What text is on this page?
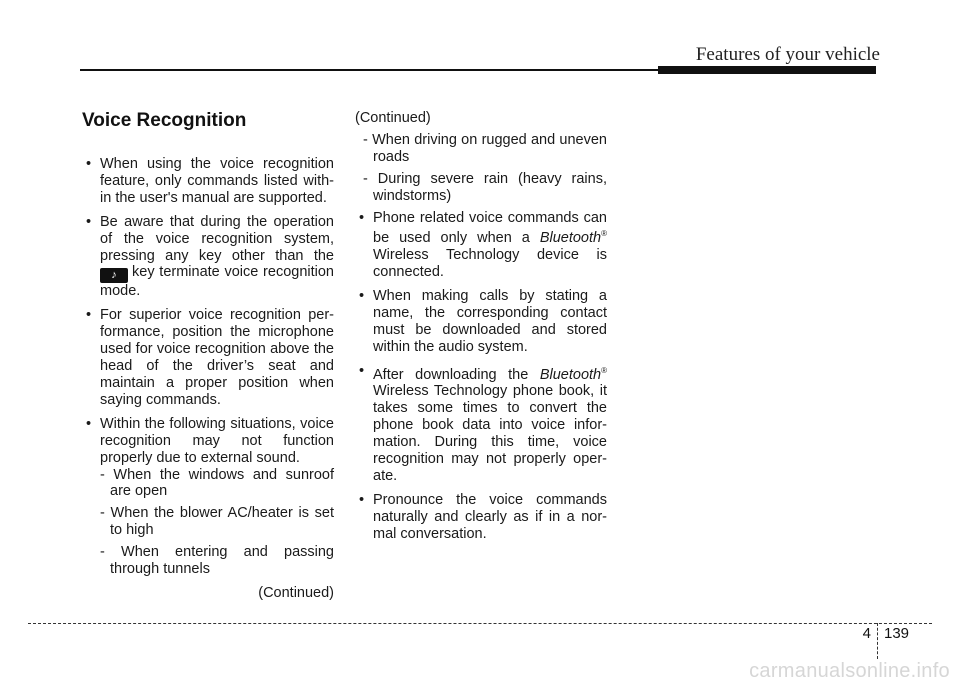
Features of your vehicle
Voice Recognition
• When using the voice recognition feature, only commands listed with-in the user's manual are supported.
• Be aware that during the operation of the voice recognition system, pressing any key other than the ♪ key terminate voice recognition mode.
• For superior voice recognition per-formance, position the microphone used for voice recognition above the head of the driver’s seat and maintain a proper position when saying commands.
• Within the following situations, voice recognition may not function properly due to external sound.
- When the windows and sunroof are open
- When the blower AC/heater is set to high
- When entering and passing through tunnels
(Continued)
(Continued)
- When driving on rugged and uneven roads
- During severe rain (heavy rains, windstorms)
• Phone related voice commands can be used only when a Bluetooth® Wireless Technology device is connected.
• When making calls by stating a name, the corresponding contact must be downloaded and stored within the audio system.
• After downloading the Bluetooth® Wireless Technology phone book, it takes some times to convert the phone book data into voice infor-mation. During this time, voice recognition may not properly oper-ate.
• Pronounce the voice commands naturally and clearly as if in a nor-mal conversation.
4 139
carmanualsonline.info
